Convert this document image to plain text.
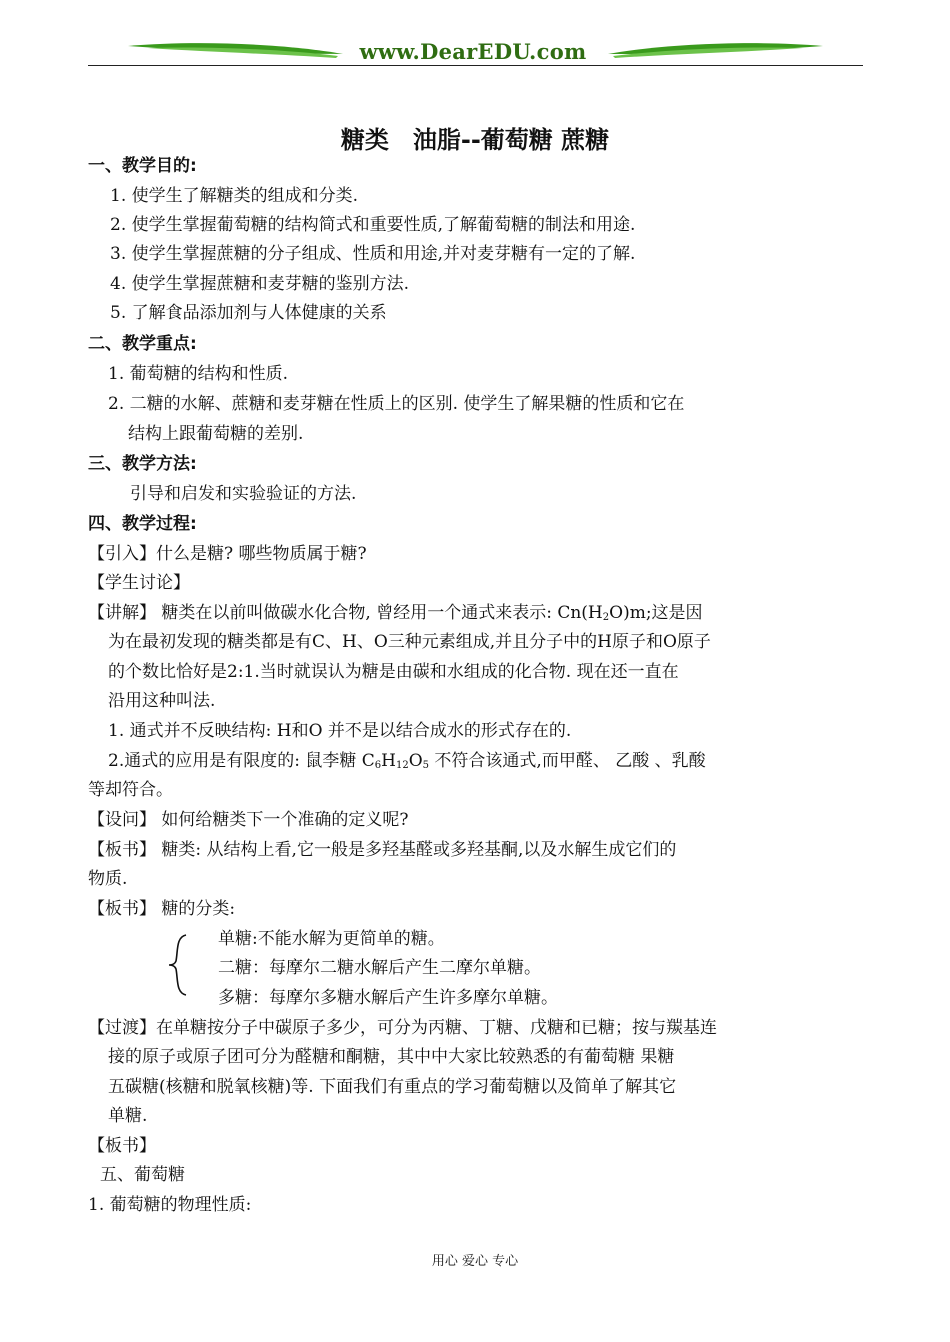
www.DearEDU.com
糖类　油脂--葡萄糖 蔗糖
一、教学目的:
1. 使学生了解糖类的组成和分类.
2. 使学生掌握葡萄糖的结构简式和重要性质,了解葡萄糖的制法和用途.
3. 使学生掌握蔗糖的分子组成、性质和用途,并对麦芽糖有一定的了解.
4. 使学生掌握蔗糖和麦芽糖的鉴别方法.
5. 了解食品添加剂与人体健康的关系
二、教学重点:
1. 葡萄糖的结构和性质.
2. 二糖的水解、蔗糖和麦芽糖在性质上的区别. 使学生了解果糖的性质和它在
结构上跟葡萄糖的差别.
三、教学方法:
引导和启发和实验验证的方法.
四、教学过程:
【引入】什么是糖? 哪些物质属于糖?
【学生讨论】
【讲解】 糖类在以前叫做碳水化合物, 曾经用一个通式来表示: $Cn(H_2O)m$;这是因
为在最初发现的糖类都是有C、H、O三种元素组成,并且分子中的H原子和O原子
的个数比恰好是2:1.当时就误认为糖是由碳和水组成的化合物. 现在还一直在
沿用这种叫法.
1. 通式并不反映结构: H和O 并不是以结合成水的形式存在的.
2.通式的应用是有限度的: 鼠李糖 $C_6H_{12}O_5$ 不符合该通式,而甲醛、 乙酸 、乳酸
等却符合。
【设问】 如何给糖类下一个准确的定义呢?
【板书】 糖类: 从结构上看,它一般是多羟基醛或多羟基酮,以及水解生成它们的
物质.
【板书】 糖的分类:
单糖:不能水解为更简单的糖。
二糖：每摩尔二糖水解后产生二摩尔单糖。
多糖：每摩尔多糖水解后产生许多摩尔单糖。
【过渡】在单糖按分子中碳原子多少，可分为丙糖、丁糖、戊糖和已糖；按与羰基连
接的原子或原子团可分为醛糖和酮糖，其中中大家比较熟悉的有葡萄糖 果糖
五碳糖(核糖和脱氧核糖)等. 下面我们有重点的学习葡萄糖以及简单了解其它
单糖.
【板书】
五、葡萄糖
1. 葡萄糖的物理性质:
用心 爱心 专心
